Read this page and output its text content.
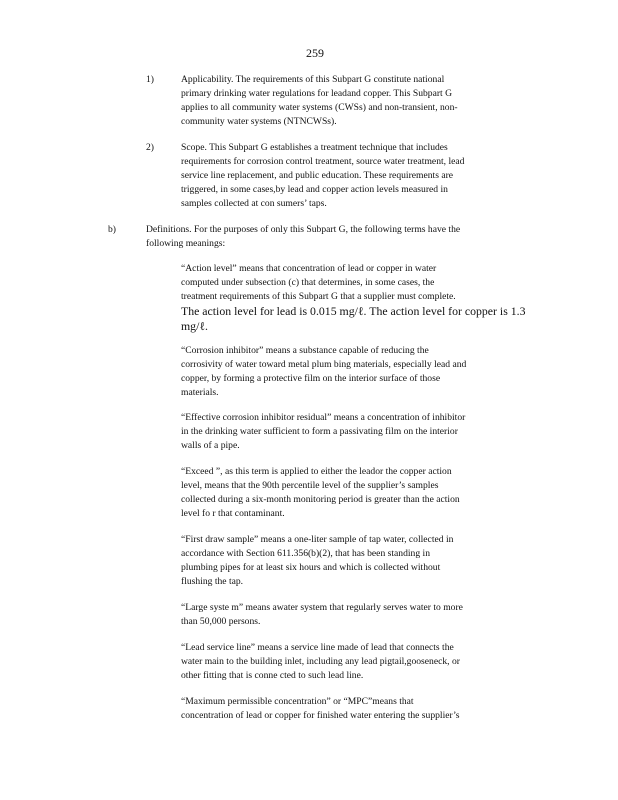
259
1)	Applicability. The requirements of this Subpart G constitute national
primary drinking water regulations for leadand copper. This Subpart G
applies to all community water systems (CWSs) and non-transient, non-
community water systems (NTNCWSs).
2)	Scope. This Subpart G establishes a treatment technique that includes
requirements for corrosion control treatment, source water treatment, lead
service line replacement, and public education. These requirements are
triggered, in some cases,by lead and copper action levels measured in
samples collected at con sumers’ taps.
b)	Definitions. For the purposes of only this Subpart G, the following terms have the
following meanings:
“Action level” means that concentration of lead or copper in water
computed under subsection (c) that determines, in some cases, the
treatment requirements of this Subpart G that a supplier must complete.
The action level for lead is 0.015 mg/ℓ. The action level for copper is 1.3
mg/ℓ.
“Corrosion inhibitor” means a substance capable of reducing the
corrosivity of water toward metal plum bing materials, especially lead and
copper, by forming a protective film on the interior surface of those
materials.
“Effective corrosion inhibitor residual” means a concentration of inhibitor
in the drinking water sufficient to form a passivating film on the interior
walls of a pipe.
“Exceed ”, as this term is applied to either the leador the copper action
level, means that the 90th percentile level of the supplier’s samples
collected during a six-month monitoring period is greater than the action
level fo r that contaminant.
“First draw sample” means a one-liter sample of tap water, collected in
accordance with Section 611.356(b)(2), that has been standing in
plumbing pipes for at least six hours and which is collected without
flushing the tap.
“Large syste m” means awater system that regularly serves water to more
than 50,000 persons.
“Lead service line” means a service line made of lead that connects the
water main to the building inlet, including any lead pigtail,gooseneck, or
other fitting that is conne cted to such lead line.
“Maximum permissible concentration” or “MPC”means that
concentration of lead or copper for finished water entering the supplier’s
